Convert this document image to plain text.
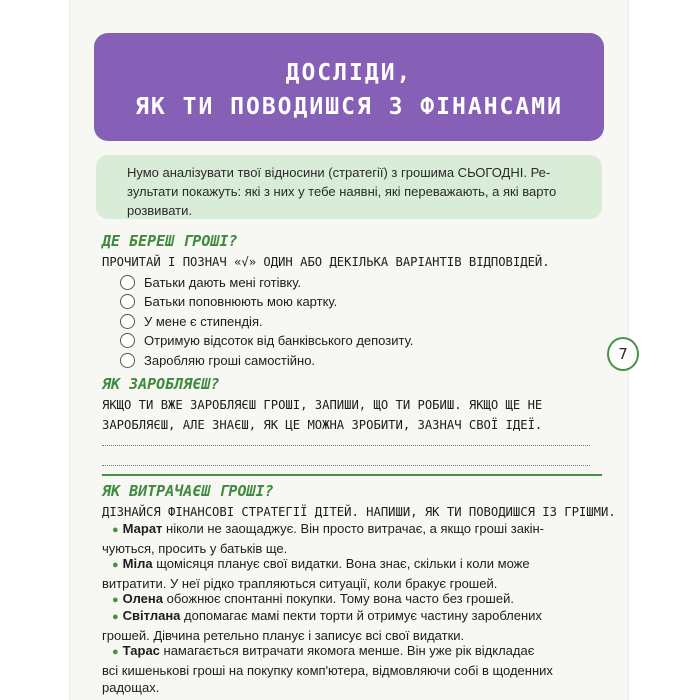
ДОСЛІДИ,
ЯК ТИ ПОВОДИШСЯ З ФІНАНСАМИ
Нумо аналізувати твої відносини (стратегії) з грошима СЬОГОДНІ. Ре-
зультати покажуть: які з них у тебе наявні, які переважають, а які варто
розвивати.
ДЕ БЕРЕШ ГРОШІ?
ПРОЧИТАЙ І ПОЗНАЧ «√» ОДИН АБО ДЕКІЛЬКА ВАРІАНТІВ ВІДПОВІДЕЙ.
Батьки дають мені готівку.
Батьки поповнюють мою картку.
У мене є стипендія.
Отримую відсоток від банківського депозиту.
Заробляю гроші самостійно.
ЯК ЗАРОБЛЯЄШ?
ЯКЩО ТИ ВЖЕ ЗАРОБЛЯЄШ ГРОШІ, ЗАПИШИ, ЩО ТИ РОБИШ. ЯКЩО ЩЕ НЕ
ЗАРОБЛЯЄШ, АЛЕ ЗНАЄШ, ЯК ЦЕ МОЖНА ЗРОБИТИ, ЗАЗНАЧ СВОЇ ІДЕЇ.
ЯК ВИТРАЧАЄШ ГРОШІ?
ДІЗНАЙСЯ ФІНАНСОВІ СТРАТЕГІЇ ДІТЕЙ. НАПИШИ, ЯК ТИ ПОВОДИШСЯ ІЗ ГРІШМИ.
● Марат ніколи не заощаджує. Він просто витрачає, а якщо гроші закін-
чуються, просить у батьків ще.
● Міла щомісяця планує свої видатки. Вона знає, скільки і коли може
витратити. У неї рідко трапляються ситуації, коли бракує грошей.
● Олена обожнює спонтанні покупки. Тому вона часто без грошей.
● Світлана допомагає мамі пекти торти й отримує частину зароблених
грошей. Дівчина ретельно планує і записує всі свої видатки.
● Тарас намагається витрачати якомога менше. Він уже рік відкладає
всі кишенькові гроші на покупку комп'ютера, відмовляючи собі в щоденних
радощах.
7
